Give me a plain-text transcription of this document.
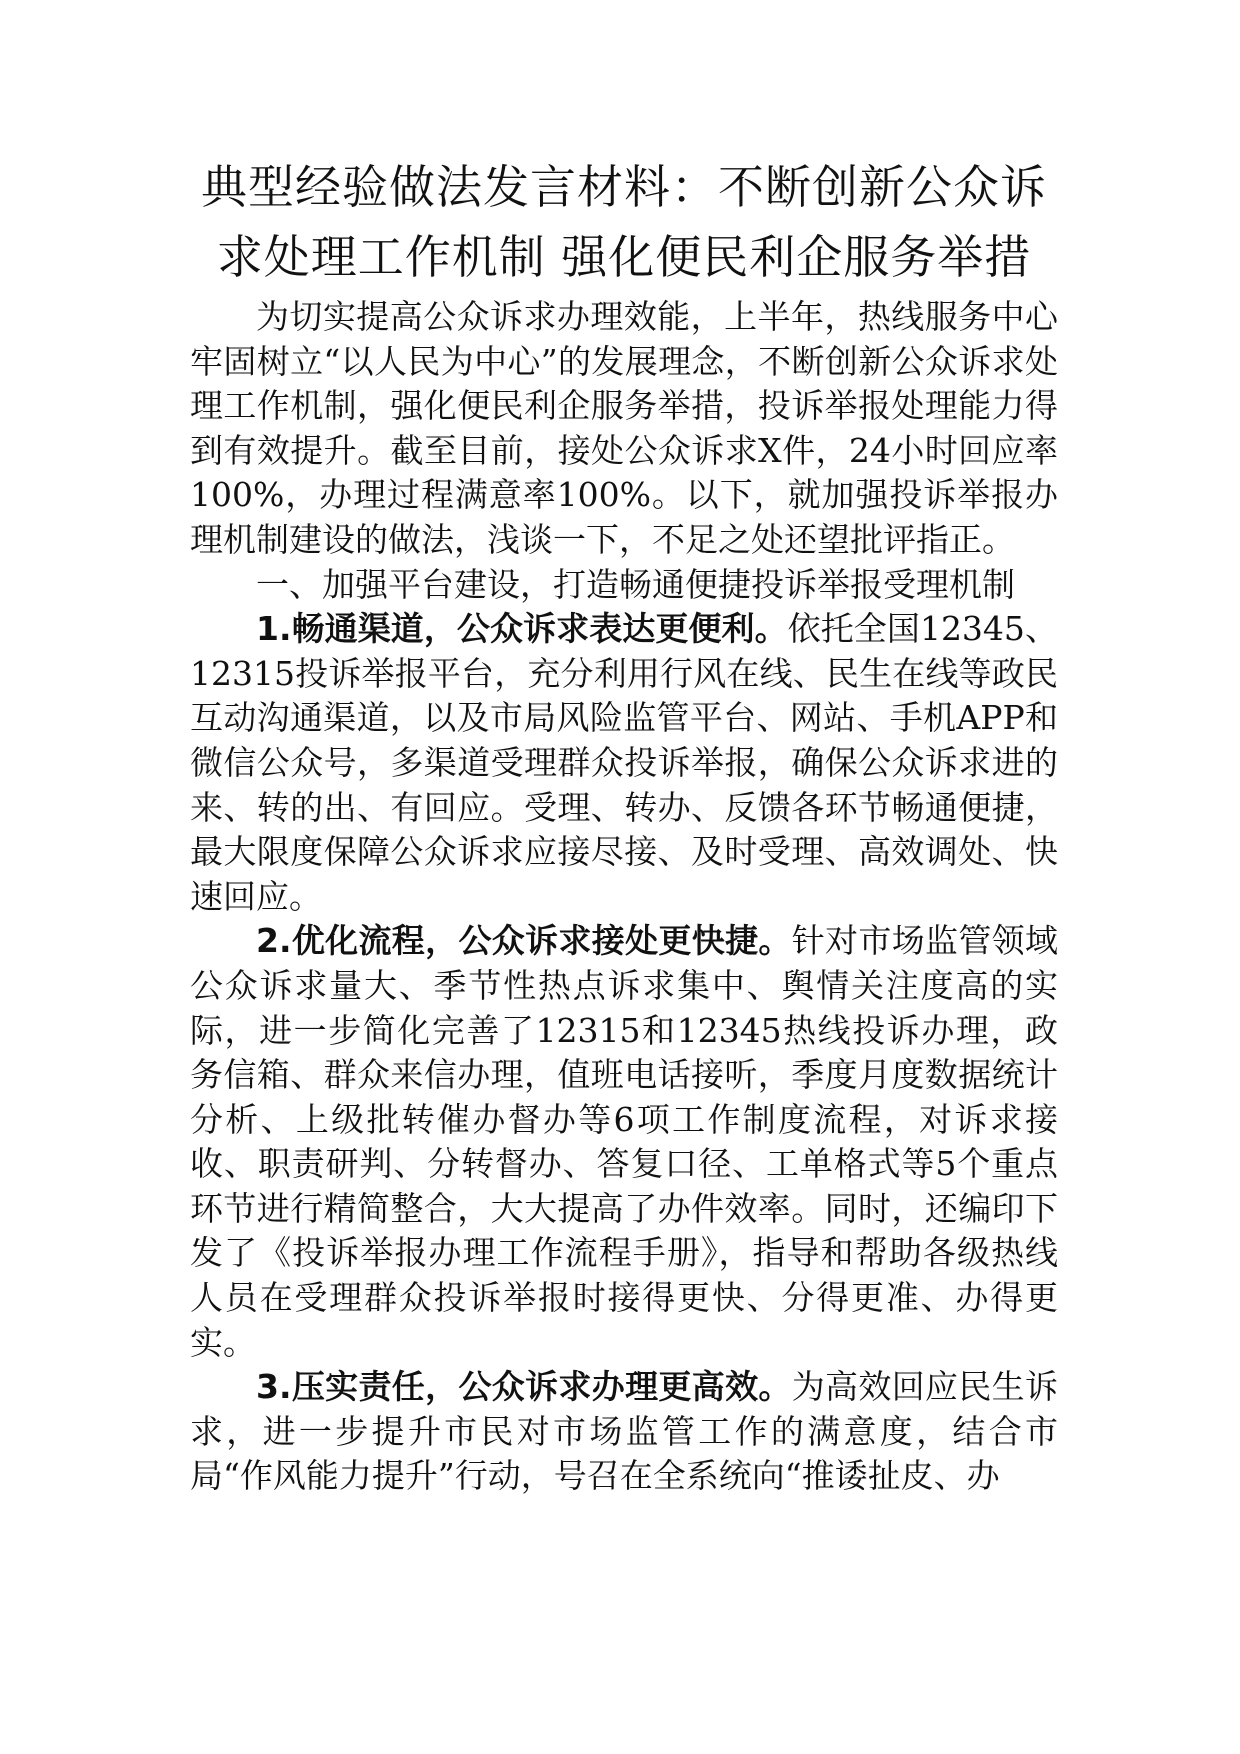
典型经验做法发言材料：不断创新公众诉
求处理工作机制 强化便民利企服务举措

为切实提高公众诉求办理效能，上半年，热线服务中心牢固树立“以人民为中心”的发展理念，不断创新公众诉求处理工作机制，强化便民利企服务举措，投诉举报处理能力得到有效提升。截至目前，接处公众诉求X件，24小时回应率100%，办理过程满意率100%。以下，就加强投诉举报办理机制建设的做法，浅谈一下，不足之处还望批评指正。

一、加强平台建设，打造畅通便捷投诉举报受理机制

1.畅通渠道，公众诉求表达更便利。依托全国12345、12315投诉举报平台，充分利用行风在线、民生在线等政民互动沟通渠道，以及市局风险监管平台、网站、手机APP和微信公众号，多渠道受理群众投诉举报，确保公众诉求进的来、转的出、有回应。受理、转办、反馈各环节畅通便捷，最大限度保障公众诉求应接尽接、及时受理、高效调处、快速回应。

2.优化流程，公众诉求接处更快捷。针对市场监管领域公众诉求量大、季节性热点诉求集中、舆情关注度高的实际，进一步简化完善了12315和12345热线投诉办理，政务信箱、群众来信办理，值班电话接听，季度月度数据统计分析、上级批转催办督办等6项工作制度流程，对诉求接收、职责研判、分转督办、答复口径、工单格式等5个重点环节进行精简整合，大大提高了办件效率。同时，还编印下发了《投诉举报办理工作流程手册》，指导和帮助各级热线人员在受理群众投诉举报时接得更快、分得更准、办得更实。

3.压实责任，公众诉求办理更高效。为高效回应民生诉求，进一步提升市民对市场监管工作的满意度，结合市局“作风能力提升”行动，号召在全系统向“推诿扯皮、办
